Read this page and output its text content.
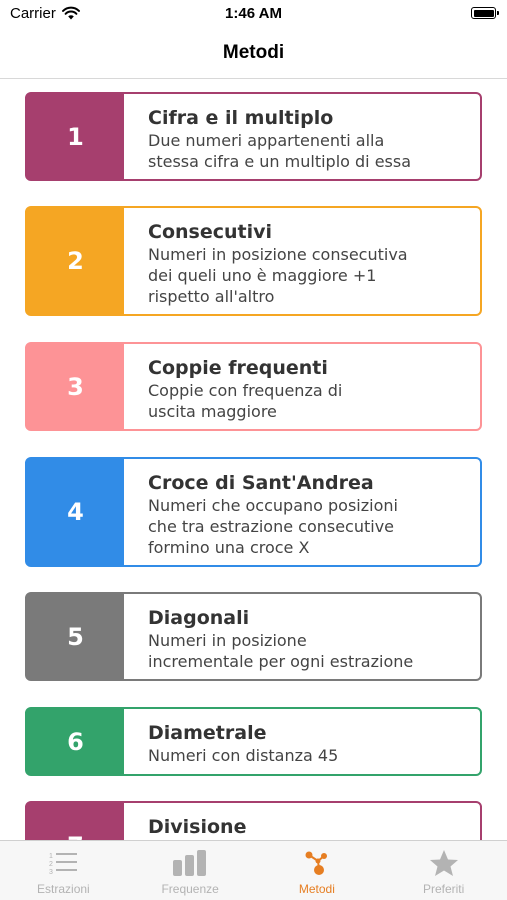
Carrier	1:46 AM
Metodi
1
Cifra e il multiplo
Due numeri appartenenti alla
stessa cifra e un multiplo di essa
2
Consecutivi
Numeri in posizione consecutiva
dei queli uno è maggiore +1
rispetto all'altro
3
Coppie frequenti
Coppie con frequenza di
uscita maggiore
4
Croce di Sant'Andrea
Numeri che occupano posizioni
che tra estrazione consecutive
formino una croce X
5
Diagonali
Numeri in posizione
incrementale per ogni estrazione
6	Diametrale
Numeri con distanza 45
Divisione
1
2
3
Estrazioni	Frequenze	Metodi	Preferiti
